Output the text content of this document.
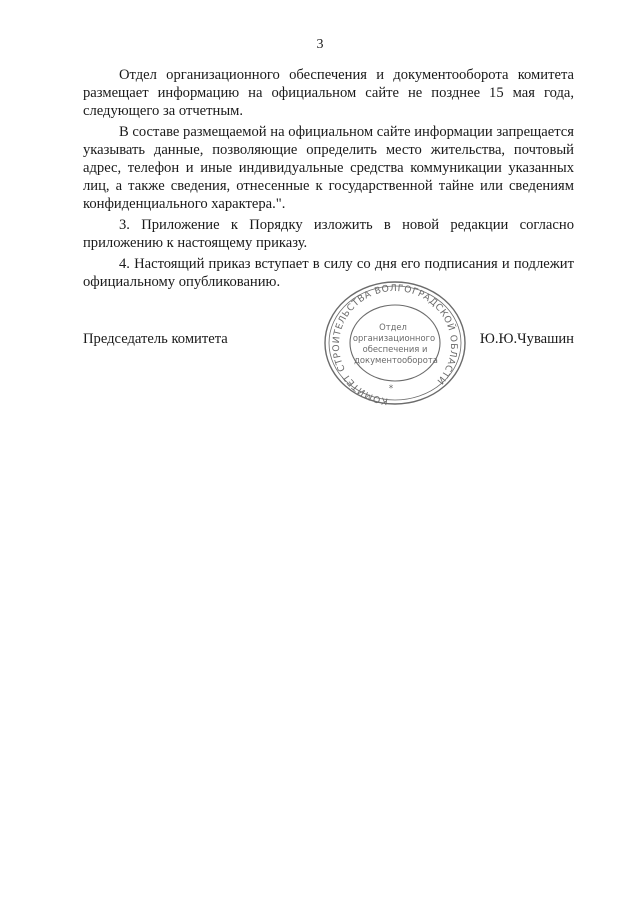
3

Отдел организационного обеспечения и документооборота комитета размещает информацию на официальном сайте не позднее 15 мая года, следующего за отчетным.

В составе размещаемой на официальном сайте информации запрещается указывать данные, позволяющие определить место жительства, почтовый адрес, телефон и иные индивидуальные средства коммуникации указанных лиц, а также сведения, отнесенные к государственной тайне или сведениям конфиденциального характера.".

3. Приложение к Порядку изложить в новой редакции согласно приложению к настоящему приказу.

4. Настоящий приказ вступает в силу со дня его подписания и подлежит официальному опубликованию.

Председатель комитета
КОМИТЕТ СТРОИТЕЛЬСТВА ВОЛГОГРАДСКОЙ ОБЛАСТИ
Отдел
организационного
обеспечения и
документооборота
*
Ю.Ю.Чувашин
